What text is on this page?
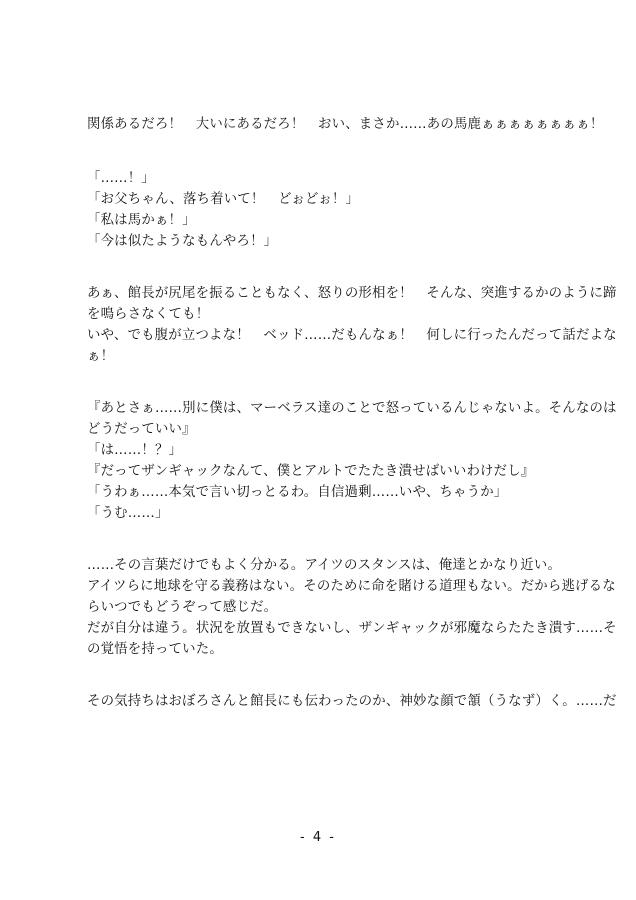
関係あるだろ！　大いにあるだろ！　おい、まさか……あの馬鹿ぁぁぁぁぁぁぁぁ！

「……！」

「お父ちゃん、落ち着いて！　どぉどぉ！」

「私は馬かぁ！」

「今は似たようなもんやろ！」

あぁ、館長が尻尾を振ることもなく、怒りの形相を！　そんな、突進するかのように蹄

を鳴らさなくても！

いや、でも腹が立つよな！　ベッド……だもんなぁ！　何しに行ったんだって話だよな

ぁ！

『あとさぁ……別に僕は、マーベラス達のことで怒っているんじゃないよ。そんなのは

どうだっていい』

「は……！？」

『だってザンギャックなんて、僕とアルトでたたき潰せばいいわけだし』

「うわぁ……本気で言い切っとるわ。自信過剰……いや、ちゃうか」

「うむ……」

……その言葉だけでもよく分かる。アイツのスタンスは、俺達とかなり近い。

アイツらに地球を守る義務はない。そのために命を賭ける道理もない。だから逃げるな

らいつでもどうぞって感じだ。

だが自分は違う。状況を放置もできないし、ザンギャックが邪魔ならたたき潰す……そ

の覚悟を持っていた。

その気持ちはおぼろさんと館長にも伝わったのか、神妙な顔で頷（うなず）く。……だ

- 4 -
